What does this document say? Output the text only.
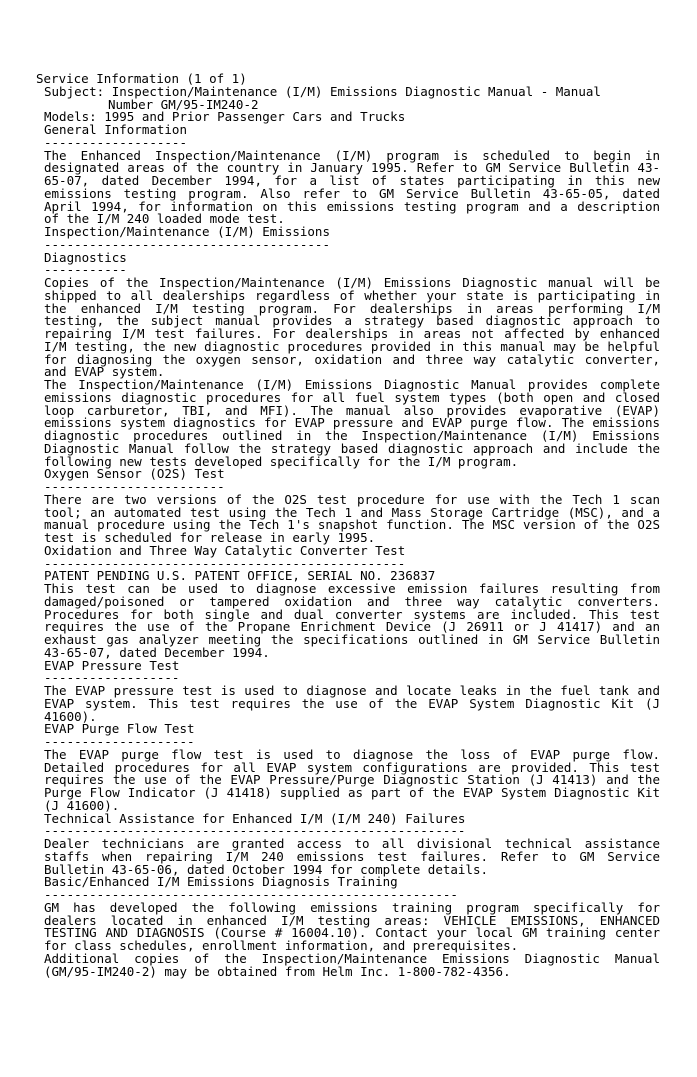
Service Information (1 of 1)
Subject: Inspection/Maintenance (I/M) Emissions Diagnostic Manual - Manual
Number GM/95-IM240-2
Models: 1995 and Prior Passenger Cars and Trucks
General Information
-------------------

The Enhanced Inspection/Maintenance (I/M) program is scheduled to begin in designated areas of the country in January 1995. Refer to GM Service Bulletin 43-65-07, dated December 1994, for a list of states participating in this new emissions testing program. Also refer to GM Service Bulletin 43-65-05, dated April 1994, for information on this emissions testing program and a description of the I/M 240 loaded mode test.

Inspection/Maintenance (I/M) Emissions
--------------------------------------
Diagnostics
-----------

Copies of the Inspection/Maintenance (I/M) Emissions Diagnostic manual will be shipped to all dealerships regardless of whether your state is participating in the enhanced I/M testing program. For dealerships in areas performing I/M testing, the subject manual provides a strategy based diagnostic approach to repairing I/M test failures. For dealerships in areas not affected by enhanced I/M testing, the new diagnostic procedures provided in this manual may be helpful for diagnosing the oxygen sensor, oxidation and three way catalytic converter, and EVAP system.

The Inspection/Maintenance (I/M) Emissions Diagnostic Manual provides complete emissions diagnostic procedures for all fuel system types (both open and closed loop carburetor, TBI, and MFI). The manual also provides evaporative (EVAP) emissions system diagnostics for EVAP pressure and EVAP purge flow. The emissions diagnostic procedures outlined in the Inspection/Maintenance (I/M) Emissions Diagnostic Manual follow the strategy based diagnostic approach and include the following new tests developed specifically for the I/M program.

Oxygen Sensor (O2S) Test
------------------------

There are two versions of the O2S test procedure for use with the Tech 1 scan tool; an automated test using the Tech 1 and Mass Storage Cartridge (MSC), and a manual procedure using the Tech 1's snapshot function. The MSC version of the O2S test is scheduled for release in early 1995.

Oxidation and Three Way Catalytic Converter Test
------------------------------------------------

PATENT PENDING U.S. PATENT OFFICE, SERIAL NO. 236837

This test can be used to diagnose excessive emission failures resulting from damaged/poisoned or tampered oxidation and three way catalytic converters. Procedures for both single and dual converter systems are included. This test requires the use of the Propane Enrichment Device (J 26911 or J 41417) and an exhaust gas analyzer meeting the specifications outlined in GM Service Bulletin 43-65-07, dated December 1994.

EVAP Pressure Test
------------------

The EVAP pressure test is used to diagnose and locate leaks in the fuel tank and EVAP system. This test requires the use of the EVAP System Diagnostic Kit (J 41600).

EVAP Purge Flow Test
--------------------

The EVAP purge flow test is used to diagnose the loss of EVAP purge flow. Detailed procedures for all EVAP system configurations are provided. This test requires the use of the EVAP Pressure/Purge Diagnostic Station (J 41413) and the Purge Flow Indicator (J 41418) supplied as part of the EVAP System Diagnostic Kit (J 41600).

Technical Assistance for Enhanced I/M (I/M 240) Failures
--------------------------------------------------------

Dealer technicians are granted access to all divisional technical assistance staffs when repairing I/M 240 emissions test failures. Refer to GM Service Bulletin 43-65-06, dated October 1994 for complete details.

Basic/Enhanced I/M Emissions Diagnosis Training
-------------------------------------------------------

GM has developed the following emissions training program specifically for dealers located in enhanced I/M testing areas: VEHICLE EMISSIONS, ENHANCED TESTING AND DIAGNOSIS (Course # 16004.10). Contact your local GM training center for class schedules, enrollment information, and prerequisites.

Additional copies of the Inspection/Maintenance Emissions Diagnostic Manual (GM/95-IM240-2) may be obtained from Helm Inc. 1-800-782-4356.
